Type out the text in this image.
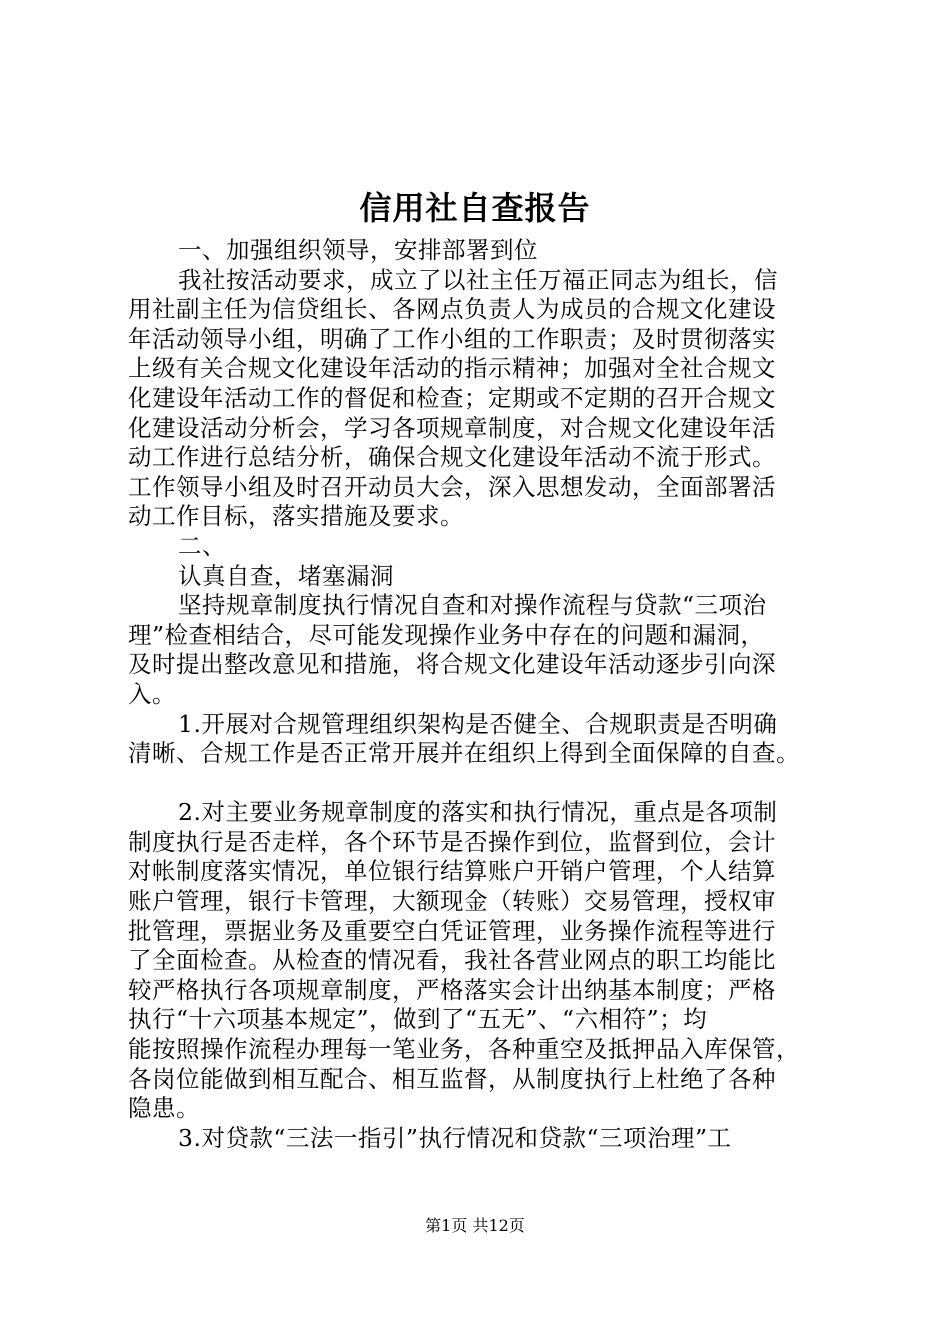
信用社自查报告
一、加强组织领导，安排部署到位
我社按活动要求，成立了以社主任万福正同志为组长，信
用社副主任为信贷组长、各网点负责人为成员的合规文化建设
年活动领导小组，明确了工作小组的工作职责；及时贯彻落实
上级有关合规文化建设年活动的指示精神；加强对全社合规文
化建设年活动工作的督促和检查；定期或不定期的召开合规文
化建设活动分析会，学习各项规章制度，对合规文化建设年活
动工作进行总结分析，确保合规文化建设年活动不流于形式。
工作领导小组及时召开动员大会，深入思想发动，全面部署活
动工作目标，落实措施及要求。
二、
认真自查，堵塞漏洞
坚持规章制度执行情况自查和对操作流程与贷款“三项治
理”检查相结合，尽可能发现操作业务中存在的问题和漏洞，
及时提出整改意见和措施，将合规文化建设年活动逐步引向深
入。
1.开展对合规管理组织架构是否健全、合规职责是否明确
清晰、合规工作是否正常开展并在组织上得到全面保障的自查。
2.对主要业务规章制度的落实和执行情况，重点是各项制
制度执行是否走样，各个环节是否操作到位，监督到位，会计
对帐制度落实情况，单位银行结算账户开销户管理，个人结算
账户管理，银行卡管理，大额现金（转账）交易管理，授权审
批管理，票据业务及重要空白凭证管理，业务操作流程等进行
了全面检查。从检查的情况看，我社各营业网点的职工均能比
较严格执行各项规章制度，严格落实会计出纳基本制度；严格
执行“十六项基本规定”，做到了“五无”、“六相符”；均
能按照操作流程办理每一笔业务，各种重空及抵押品入库保管，
各岗位能做到相互配合、相互监督，从制度执行上杜绝了各种
隐患。
3.对贷款“三法一指引”执行情况和贷款“三项治理”工
第1页 共12页
